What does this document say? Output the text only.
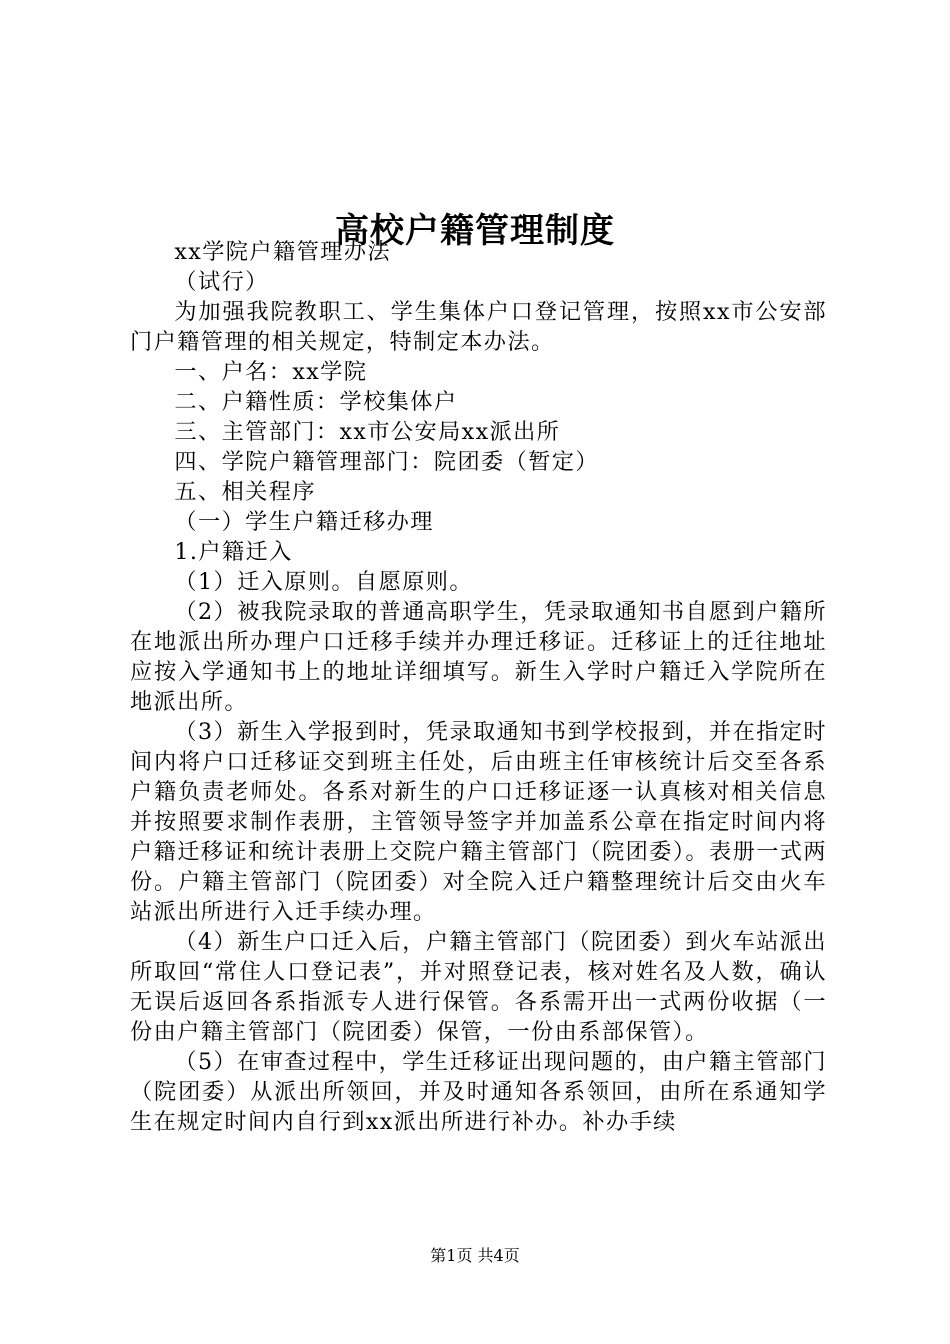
高校户籍管理制度

xx学院户籍管理办法

（试行）

为加强我院教职工、学生集体户口登记管理，按照xx市公安部门户籍管理的相关规定，特制定本办法。

一、户名：xx学院

二、户籍性质：学校集体户

三、主管部门：xx市公安局xx派出所

四、学院户籍管理部门：院团委（暂定）

五、相关程序

（一）学生户籍迁移办理

1.户籍迁入

（1）迁入原则。自愿原则。

（2）被我院录取的普通高职学生，凭录取通知书自愿到户籍所在地派出所办理户口迁移手续并办理迁移证。迁移证上的迁往地址应按入学通知书上的地址详细填写。新生入学时户籍迁入学院所在地派出所。

（3）新生入学报到时，凭录取通知书到学校报到，并在指定时间内将户口迁移证交到班主任处，后由班主任审核统计后交至各系户籍负责老师处。各系对新生的户口迁移证逐一认真核对相关信息并按照要求制作表册，主管领导签字并加盖系公章在指定时间内将户籍迁移证和统计表册上交院户籍主管部门（院团委）。表册一式两份。户籍主管部门（院团委）对全院入迁户籍整理统计后交由火车站派出所进行入迁手续办理。

（4）新生户口迁入后，户籍主管部门（院团委）到火车站派出所取回“常住人口登记表”，并对照登记表，核对姓名及人数，确认无误后返回各系指派专人进行保管。各系需开出一式两份收据（一份由户籍主管部门（院团委）保管，一份由系部保管）。

（5）在审查过程中，学生迁移证出现问题的，由户籍主管部门（院团委）从派出所领回，并及时通知各系领回，由所在系通知学生在规定时间内自行到xx派出所进行补办。补办手续

第1页 共4页
